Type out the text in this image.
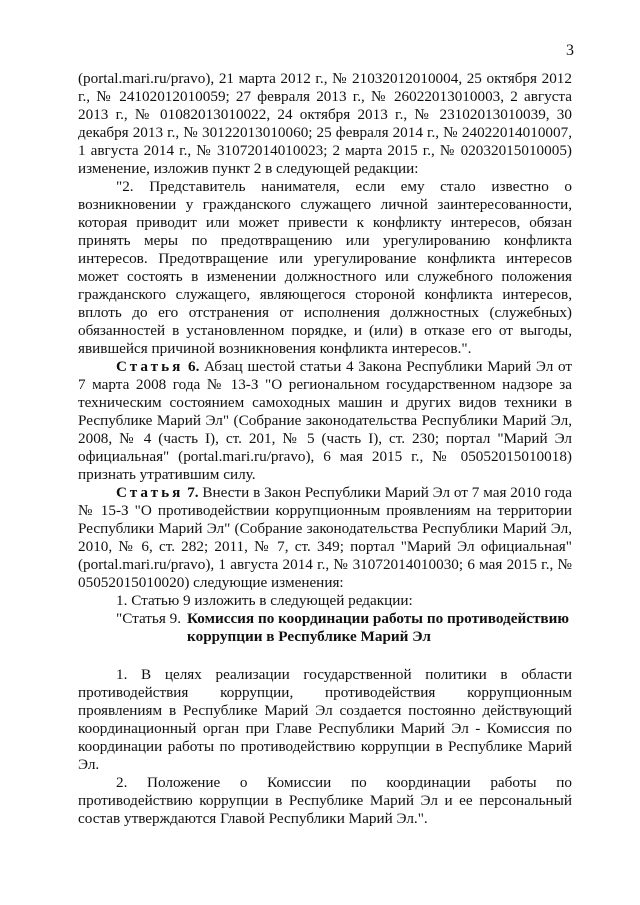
3

(portal.mari.ru/pravo), 21 марта 2012 г., № 21032012010004, 25 октября 2012 г., № 24102012010059; 27 февраля 2013 г., № 26022013010003, 2 августа 2013 г., № 01082013010022, 24 октября 2013 г., № 23102013010039, 30 декабря 2013 г., № 30122013010060; 25 февраля 2014 г., № 24022014010007, 1 августа 2014 г., № 31072014010023; 2 марта 2015 г., № 02032015010005) изменение, изложив пункт 2 в следующей редакции:

"2. Представитель нанимателя, если ему стало известно о возникновении у гражданского служащего личной заинтересованности, которая приводит или может привести к конфликту интересов, обязан принять меры по предотвращению или урегулированию конфликта интересов. Предотвращение или урегулирование конфликта интересов может состоять в изменении должностного или служебного положения гражданского служащего, являющегося стороной конфликта интересов, вплоть до его отстранения от исполнения должностных (служебных) обязанностей в установленном порядке, и (или) в отказе его от выгоды, явившейся причиной возникновения конфликта интересов.".

Статья 6. Абзац шестой статьи 4 Закона Республики Марий Эл от 7 марта 2008 года № 13-З "О региональном государственном надзоре за техническим состоянием самоходных машин и других видов техники в Республике Марий Эл" (Собрание законодательства Республики Марий Эл, 2008, № 4 (часть I), ст. 201, № 5 (часть I), ст. 230; портал "Марий Эл официальная" (portal.mari.ru/pravo), 6 мая 2015 г., № 05052015010018) признать утратившим силу.

Статья 7. Внести в Закон Республики Марий Эл от 7 мая 2010 года № 15-З "О противодействии коррупционным проявлениям на территории Республики Марий Эл" (Собрание законодательства Республики Марий Эл, 2010, № 6, ст. 282; 2011, № 7, ст. 349; портал "Марий Эл официальная" (portal.mari.ru/pravo), 1 августа 2014 г., № 31072014010030; 6 мая 2015 г., № 05052015010020) следующие изменения:

1. Статью 9 изложить в следующей редакции:

"Статья 9. Комиссия по координации работы по противодействию коррупции в Республике Марий Эл

1. В целях реализации государственной политики в области противодействия коррупции, противодействия коррупционным проявлениям в Республике Марий Эл создается постоянно действующий координационный орган при Главе Республики Марий Эл - Комиссия по координации работы по противодействию коррупции в Республике Марий Эл.

2. Положение о Комиссии по координации работы по противодействию коррупции в Республике Марий Эл и ее персональный состав утверждаются Главой Республики Марий Эл.".
